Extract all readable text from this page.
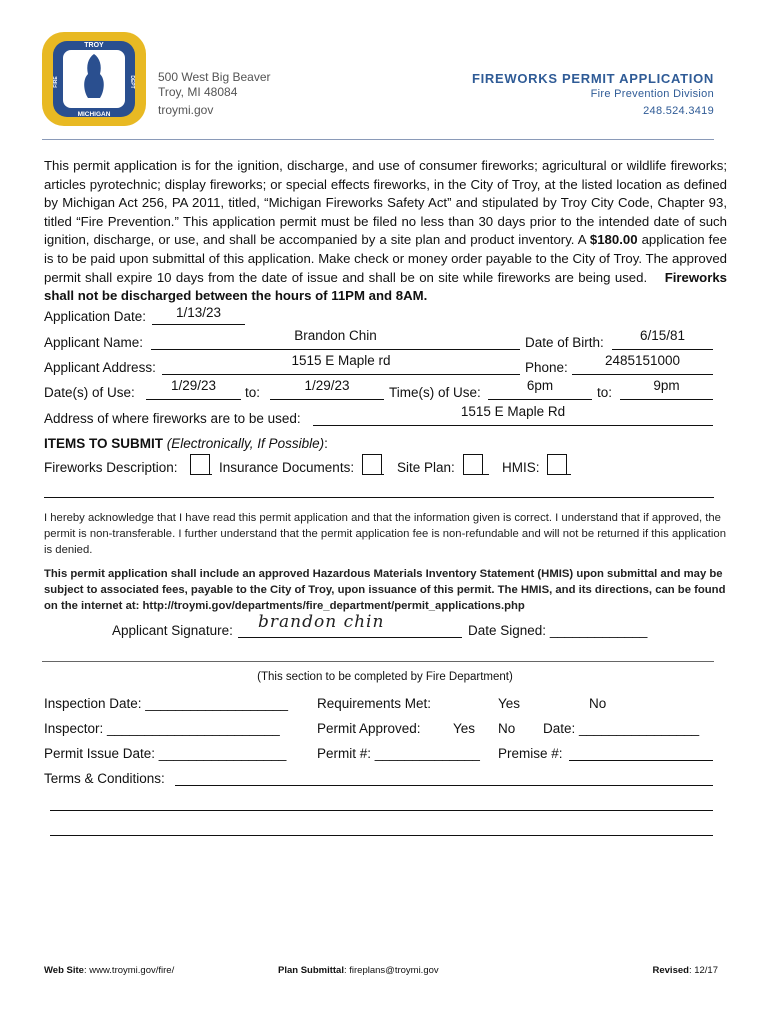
TROY
FIRE	DEPT
MICHIGAN
500 West Big Beaver
Troy, MI 48084
troymi.gov
FIREWORKS PERMIT APPLICATION
Fire Prevention Division
248.524.3419
This permit application is for the ignition, discharge, and use of consumer fireworks; agricultural or wildlife fireworks; articles pyrotechnic; display fireworks; or special effects fireworks, in the City of Troy, at the listed location as defined by Michigan Act 256, PA 2011, titled, “Michigan Fireworks Safety Act” and stipulated by Troy City Code, Chapter 93, titled “Fire Prevention.” This application permit must be filed no less than 30 days prior to the intended date of such ignition, discharge, or use, and shall be accompanied by a site plan and product inventory. A $180.00 application fee is to be paid upon submittal of this application. Make check or money order payable to the City of Troy. The approved permit shall expire 10 days from the date of issue and shall be on site while fireworks are being used. Fireworks shall not be discharged between the hours of 11PM and 8AM.
Application Date:	1/13/23
Applicant Name:	Brandon Chin	Date of Birth:	6/15/81
Applicant Address:	1515 E Maple rd	Phone:	2485151000
Date(s) of Use:	1/29/23	to:	1/29/23	Time(s) of Use:	6pm	to:	9pm
Address of where fireworks are to be used:	1515 E Maple Rd
ITEMS TO SUBMIT (Electronically, If Possible):
Fireworks Description:	Insurance Documents:	Site Plan:	HMIS:
I hereby acknowledge that I have read this permit application and that the information given is correct. I understand that if approved, the permit is non-transferable. I further understand that the permit application fee is non-refundable and will not be returned if this application is denied.
This permit application shall include an approved Hazardous Materials Inventory Statement (HMIS) upon submittal and may be subject to associated fees, payable to the City of Troy, upon issuance of this permit. The HMIS, and its directions, can be found on the internet at: http://troymi.gov/departments/fire_department/permit_applications.php
Applicant Signature: brandon chin	Date Signed: _____________
(This section to be completed by Fire Department)
Inspection Date: ___________________ Requirements Met:	Yes	No
Inspector: _______________________	Permit Approved: Yes No Date: ________________
Permit Issue Date: _________________ Permit #: ______________ Premise #:
Terms & Conditions:
Web Site: www.troymi.gov/fire/	Plan Submittal: fireplans@troymi.gov	Revised: 12/17
